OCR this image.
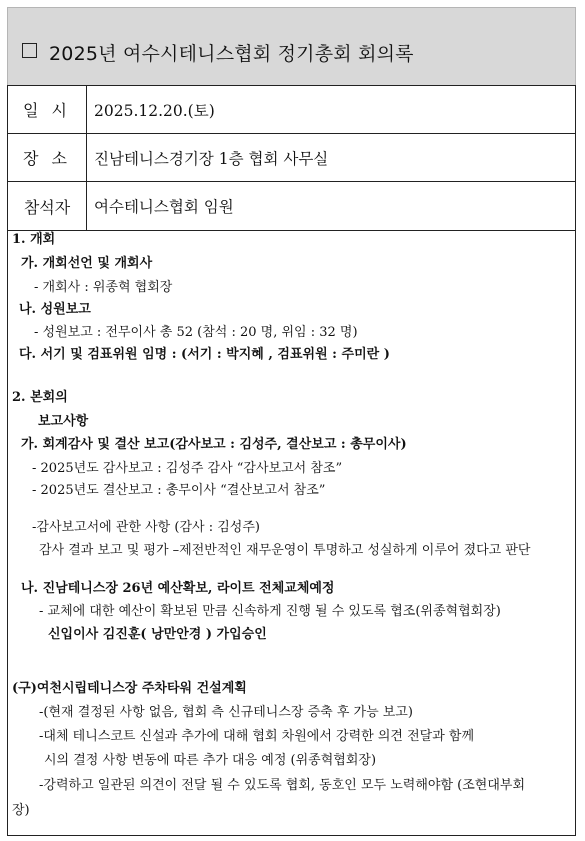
2025년 여수시테니스협회 정기총회 회의록
일 시	2025.12.20.(토)
장 소	진남테니스경기장 1층 협회 사무실
참석자	여수테니스협회 임원
1. 개회
가. 개회선언 및 개회사
- 개회사 : 위종혁 협회장
나. 성원보고
- 성원보고 : 전무이사 총 52 (참석 : 20 명, 위임 : 32 명)
다. 서기 및 검표위원 임명 : (서기 : 박지혜 , 검표위원 : 주미란 )
2. 본회의
보고사항
가. 회계감사 및 결산 보고(감사보고 : 김성주, 결산보고 : 총무이사)
- 2025년도 감사보고 : 김성주 감사 “감사보고서 참조”
- 2025년도 결산보고 : 총무이사 “결산보고서 참조”
-감사보고서에 관한 사항 (감사 : 김성주)
감사 결과 보고 및 평가 –제전반적인 재무운영이 투명하고 성실하게 이루어 졌다고 판단
나. 진남테니스장 26년 예산확보, 라이트 전체교체예정
- 교체에 대한 예산이 확보된 만큼 신속하게 진행 될 수 있도록 협조(위종혁협회장)
신입이사 김진훈( 낭만안경 ) 가입승인
(구)여천시립테니스장 주차타워 건설계획
-(현재 결정된 사항 없음, 협회 측 신규테니스장 증축 후 가능 보고)
-대체 테니스코트 신설과 추가에 대해 협회 차원에서 강력한 의견 전달과 함께
시의 결정 사항 변동에 따른 추가 대응 예정 (위종혁협회장)
-강력하고 일관된 의견이 전달 될 수 있도록 협회, 동호인 모두 노력해야함 (조현대부회
장)
